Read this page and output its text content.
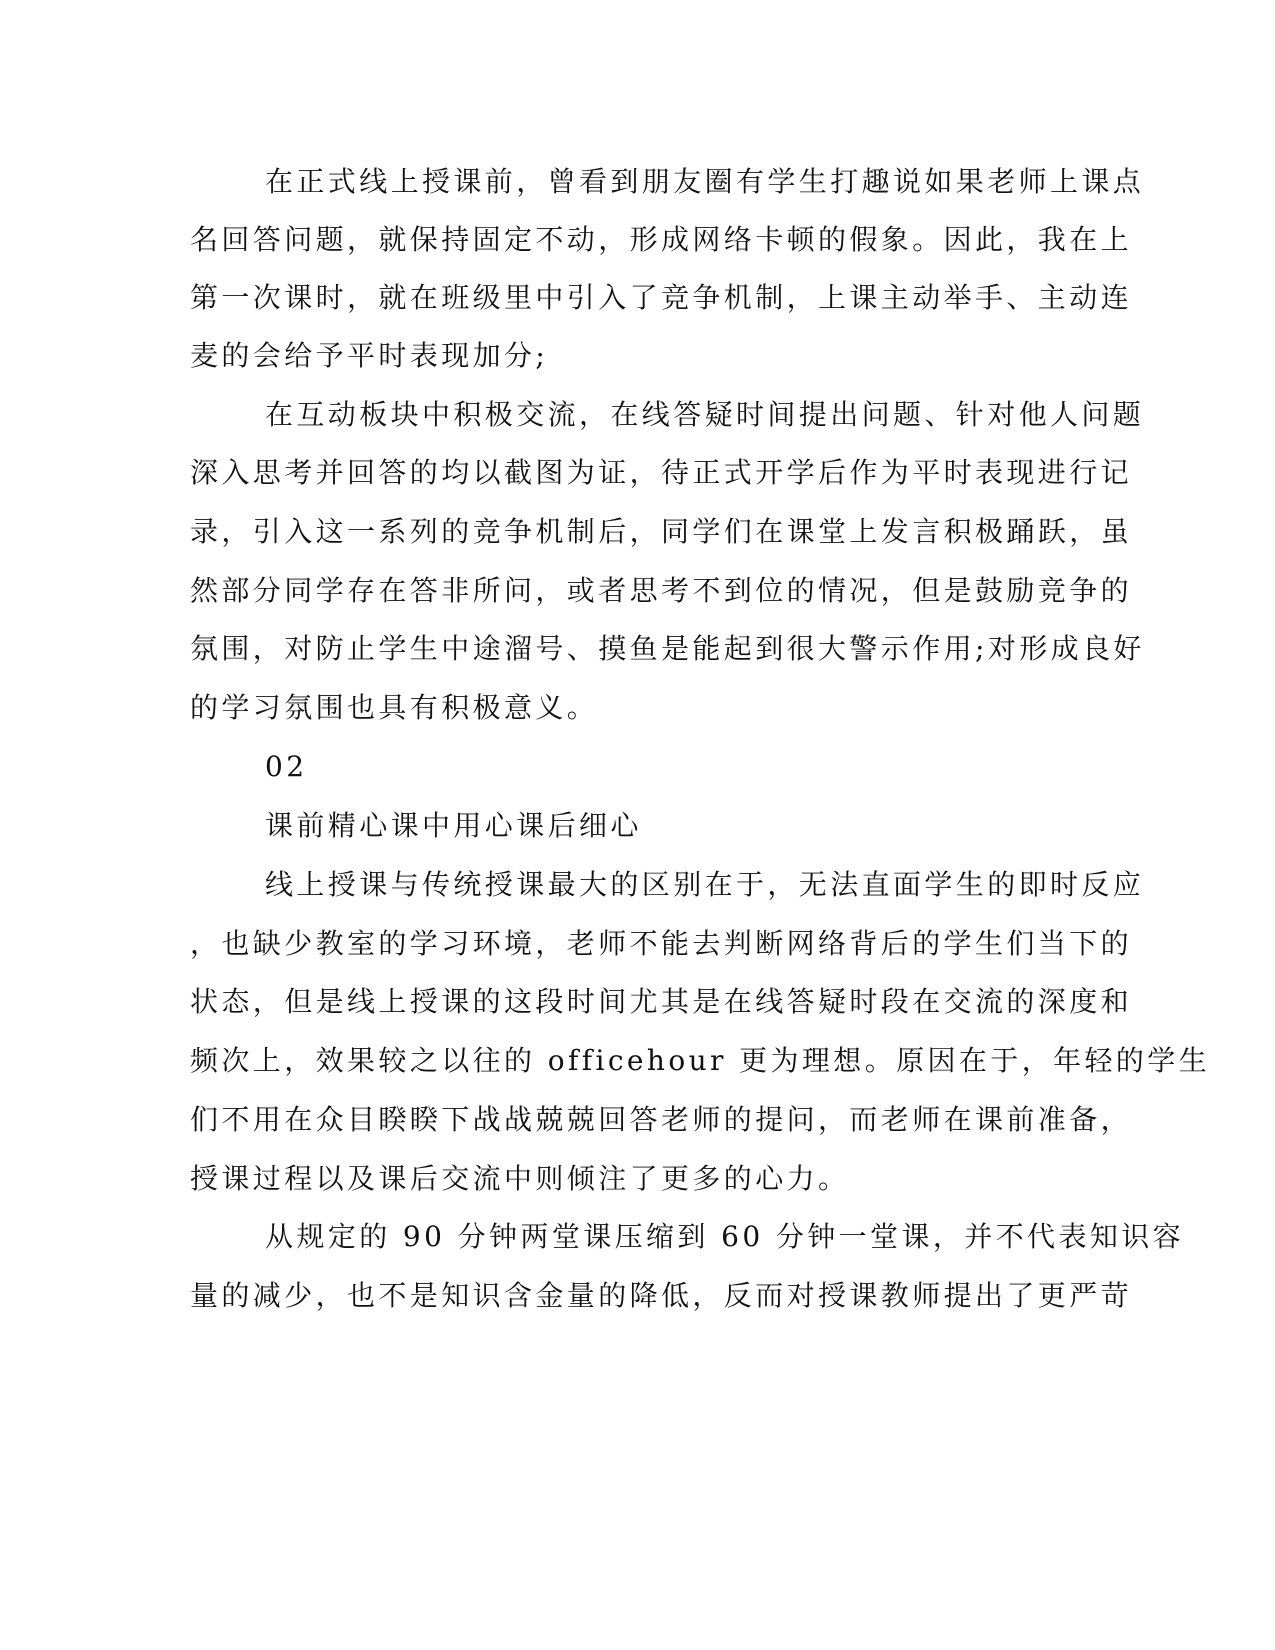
在正式线上授课前，曾看到朋友圈有学生打趣说如果老师上课点
名回答问题，就保持固定不动，形成网络卡顿的假象。因此，我在上
第一次课时，就在班级里中引入了竞争机制，上课主动举手、主动连
麦的会给予平时表现加分;
在互动板块中积极交流，在线答疑时间提出问题、针对他人问题
深入思考并回答的均以截图为证，待正式开学后作为平时表现进行记
录，引入这一系列的竞争机制后，同学们在课堂上发言积极踊跃，虽
然部分同学存在答非所问，或者思考不到位的情况，但是鼓励竞争的
氛围，对防止学生中途溜号、摸鱼是能起到很大警示作用;对形成良好
的学习氛围也具有积极意义。
02
课前精心课中用心课后细心
线上授课与传统授课最大的区别在于，无法直面学生的即时反应
，也缺少教室的学习环境，老师不能去判断网络背后的学生们当下的
状态，但是线上授课的这段时间尤其是在线答疑时段在交流的深度和
频次上，效果较之以往的 officehour 更为理想。原因在于，年轻的学生
们不用在众目睽睽下战战兢兢回答老师的提问，而老师在课前准备，
授课过程以及课后交流中则倾注了更多的心力。
从规定的 90 分钟两堂课压缩到 60 分钟一堂课，并不代表知识容
量的减少，也不是知识含金量的降低，反而对授课教师提出了更严苛
